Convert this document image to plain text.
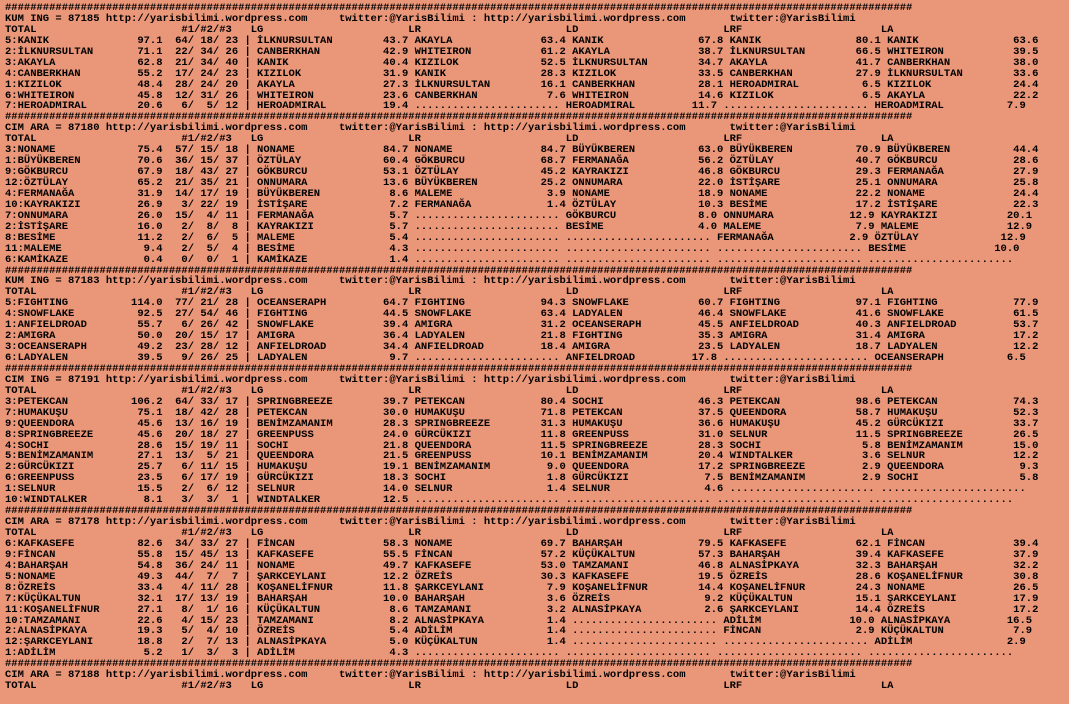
################################################################################################################################################
KUM ING = 87185 http://yarisbilimi.wordpress.com     twitter:@YarisBilimi : http://yarisbilimi.wordpress.com       twitter:@YarisBilimi
TOTAL                       #1/#2/#3   LG                       LR                       LD                       LRF                      LA
5:KANIK              97.1  64/ 18/ 23 | İLKNURSULTAN        43.7 AKAYLA              63.4 KANIK               67.8 KANIK               80.1 KANIK               63.6
2:İLKNURSULTAN       71.1  22/ 34/ 26 | CANBERKHAN          42.9 WHITEIRON           61.2 AKAYLA              38.7 İLKNURSULTAN        66.5 WHITEIRON           39.5
3:AKAYLA             62.8  21/ 34/ 40 | KANIK               40.4 KIZILOK             52.5 İLKNURSULTAN        34.7 AKAYLA              41.7 CANBERKHAN          38.0
4:CANBERKHAN         55.2  17/ 24/ 23 | KIZILOK             31.9 KANIK               28.3 KIZILOK             33.5 CANBERKHAN          27.9 İLKNURSULTAN        33.6
1:KIZILOK            48.4  28/ 24/ 20 | AKAYLA              27.3 İLKNURSULTAN        16.1 CANBERKHAN          28.1 HEROADMIRAL          6.5 KIZILOK             24.4
6:WHITEIRON          45.8  12/ 31/ 26 | WHITEIRON           23.6 CANBERKHAN           7.6 WHITEIRON           14.6 KIZILOK              6.5 AKAYLA              22.2
7:HEROADMIRAL        20.6   6/  5/ 12 | HEROADMIRAL         19.4 ....................... HEROADMIRAL         11.7 ....................... HEROADMIRAL          7.9
################################################################################################################################################
CIM ARA = 87180 http://yarisbilimi.wordpress.com     twitter:@YarisBilimi : http://yarisbilimi.wordpress.com       twitter:@YarisBilimi
TOTAL                       #1/#2/#3   LG                       LR                       LD                       LRF                      LA
3:NONAME             75.4  57/ 15/ 18 | NONAME              84.7 NONAME              84.7 BÜYÜKBEREN          63.0 BÜYÜKBEREN          70.9 BÜYÜKBEREN          44.4
1:BÜYÜKBEREN         70.6  36/ 15/ 37 | ÖZTÜLAY             60.4 GÖKBURCU            68.7 FERMANAĞA           56.2 ÖZTÜLAY             40.7 GÖKBURCU            28.6
9:GÖKBURCU           67.9  18/ 43/ 27 | GÖKBURCU            53.1 ÖZTÜLAY             45.2 KAYRAKIZI           46.8 GÖKBURCU            29.3 FERMANAĞA           27.9
12:ÖZTÜLAY           65.2  21/ 35/ 21 | ONNUMARA            13.6 BÜYÜKBEREN          25.2 ONNUMARA            22.0 İSTİŞARE            25.1 ONNUMARA            25.8
4:FERMANAĞA          31.9  14/ 17/ 19 | BÜYÜKBEREN           8.6 MALEME               3.9 NONAME              18.9 NONAME              22.2 NONAME              24.4
10:KAYRAKIZI         26.9   3/ 22/ 19 | İSTİŞARE             7.2 FERMANAĞA            1.4 ÖZTÜLAY             10.3 BESİME              17.2 İSTİŞARE            22.3
7:ONNUMARA           26.0  15/  4/ 11 | FERMANAĞA            5.7 ....................... GÖKBURCU             8.0 ONNUMARA            12.9 KAYRAKIZI           20.1
2:İSTİŞARE           16.0   2/  8/  8 | KAYRAKIZI            5.7 ....................... BESİME               4.0 MALEME               7.9 MALEME              12.9
8:BESİME             11.2   2/  6/  5 | MALEME               5.4 ....................... ....................... FERMANAĞA            2.9 ÖZTÜLAY             12.9
11:MALEME             9.4   2/  5/  4 | BESİME               4.3 ....................... ....................... ....................... BESİME              10.0
6:KAMİKAZE            0.4   0/  0/  1 | KAMİKAZE             1.4 ....................... ....................... ....................... .......................
################################################################################################################################################
KUM ING = 87183 http://yarisbilimi.wordpress.com     twitter:@YarisBilimi : http://yarisbilimi.wordpress.com       twitter:@YarisBilimi
TOTAL                       #1/#2/#3   LG                       LR                       LD                       LRF                      LA
5:FIGHTING          114.0  77/ 21/ 28 | OCEANSERAPH         64.7 FIGHTING            94.3 SNOWFLAKE           60.7 FIGHTING            97.1 FIGHTING            77.9
4:SNOWFLAKE          92.5  27/ 54/ 46 | FIGHTING            44.5 SNOWFLAKE           63.4 LADYALEN            46.4 SNOWFLAKE           41.6 SNOWFLAKE           61.5
1:ANFIELDROAD        55.7   6/ 26/ 42 | SNOWFLAKE           39.4 AMIGRA              31.2 OCEANSERAPH         45.5 ANFIELDROAD         40.3 ANFIELDROAD         53.7
2:AMIGRA             50.0  20/ 15/ 17 | AMIGRA              36.4 LADYALEN            21.8 FIGHTING            35.3 AMIGRA              31.4 AMIGRA              17.2
3:OCEANSERAPH        49.2  23/ 28/ 12 | ANFIELDROAD         34.4 ANFIELDROAD         18.4 AMIGRA              23.5 LADYALEN            18.7 LADYALEN            12.2
6:LADYALEN           39.5   9/ 26/ 25 | LADYALEN             9.7 ....................... ANFIELDROAD         17.8 ....................... OCEANSERAPH          6.5
################################################################################################################################################
CIM ING = 87191 http://yarisbilimi.wordpress.com     twitter:@YarisBilimi : http://yarisbilimi.wordpress.com       twitter:@YarisBilimi
TOTAL                       #1/#2/#3   LG                       LR                       LD                       LRF                      LA
3:PETEKCAN          106.2  64/ 33/ 17 | SPRINGBREEZE        39.7 PETEKCAN            80.4 SOCHI               46.3 PETEKCAN            98.6 PETEKCAN            74.3
7:HUMAKUŞU           75.1  18/ 42/ 28 | PETEKCAN            30.0 HUMAKUŞU            71.8 PETEKCAN            37.5 QUEENDORA           58.7 HUMAKUŞU            52.3
9:QUEENDORA          45.6  13/ 16/ 19 | BENİMZAMANIM        28.3 SPRINGBREEZE        31.3 HUMAKUŞU            36.6 HUMAKUŞU            45.2 GÜRCÜKIZI           33.7
8:SPRINGBREEZE       45.6  20/ 18/ 27 | GREENPUSS           24.0 GÜRCÜKIZI           11.8 GREENPUSS           31.0 SELNUR              11.5 SPRINGBREEZE        26.5
4:SOCHI              28.6  15/ 19/ 11 | SOCHI               21.8 QUEENDORA           11.5 SPRINGBREEZE        28.3 SOCHI                5.8 BENİMZAMANIM        15.0
5:BENİMZAMANIM       27.1  13/  5/ 21 | QUEENDORA           21.5 GREENPUSS           10.1 BENİMZAMANIM        20.4 WINDTALKER           3.6 SELNUR              12.2
2:GÜRCÜKIZI          25.7   6/ 11/ 15 | HUMAKUŞU            19.1 BENİMZAMANIM         9.0 QUEENDORA           17.2 SPRINGBREEZE         2.9 QUEENDORA            9.3
6:GREENPUSS          23.5   6/ 17/ 19 | GÜRCÜKIZI           18.3 SOCHI                1.8 GÜRCÜKIZI            7.5 BENİMZAMANIM         2.9 SOCHI                5.8
1:SELNUR             15.5   2/  6/ 12 | SELNUR              14.0 SELNUR               1.4 SELNUR               4.6 ....................... .......................
10:WINDTALKER         8.1   3/  3/  1 | WINDTALKER          12.5 ....................... ....................... ....................... .......................
################################################################################################################################################
CIM ARA = 87178 http://yarisbilimi.wordpress.com     twitter:@YarisBilimi : http://yarisbilimi.wordpress.com       twitter:@YarisBilimi
TOTAL                       #1/#2/#3   LG                       LR                       LD                       LRF                      LA
6:KAFKASEFE          82.6  34/ 33/ 27 | FİNCAN              58.3 NONAME              69.7 BAHARŞAH            79.5 KAFKASEFE           62.1 FİNCAN              39.4
9:FİNCAN             55.8  15/ 45/ 13 | KAFKASEFE           55.5 FİNCAN              57.2 KÜÇÜKALTUN          57.3 BAHARŞAH            39.4 KAFKASEFE           37.9
4:BAHARŞAH           54.8  36/ 24/ 11 | NONAME              49.7 KAFKASEFE           53.0 TAMZAMANI           46.8 ALNASİPKAYA         32.3 BAHARŞAH            32.2
5:NONAME             49.3  44/  7/  7 | ŞARKCEYLANI         12.2 ÖZREİS              30.3 KAFKASEFE           19.5 ÖZREİS              28.6 KOŞANELİFNUR        30.8
8:ÖZREİS             33.4   4/ 11/ 28 | KOŞANELİFNUR        11.8 ŞARKCEYLANI          7.9 KOŞANELİFNUR        14.4 KOŞANELİFNUR        24.3 NONAME              26.5
7:KÜÇÜKALTUN         32.1  17/ 13/ 19 | BAHARŞAH            10.0 BAHARŞAH             3.6 ÖZREİS               9.2 KÜÇÜKALTUN          15.1 ŞARKCEYLANI         17.9
11:KOŞANELİFNUR      27.1   8/  1/ 16 | KÜÇÜKALTUN           8.6 TAMZAMANI            3.2 ALNASİPKAYA          2.6 ŞARKCEYLANI         14.4 ÖZREİS              17.2
10:TAMZAMANI         22.6   4/ 15/ 23 | TAMZAMANI            8.2 ALNASİPKAYA          1.4 ....................... ADİLİM              10.0 ALNASİPKAYA         16.5
2:ALNASİPKAYA        19.3   5/  4/ 10 | ÖZREİS               5.4 ADİLİM               1.4 ....................... FİNCAN               2.9 KÜÇÜKALTUN           7.9
12:ŞARKCEYLANI       18.8   2/  7/ 13 | ALNASİPKAYA          5.0 KÜÇÜKALTUN           1.4 ....................... ....................... ADİLİM               2.9
1:ADİLİM              5.2   1/  3/  3 | ADİLİM               4.3 ....................... ....................... ....................... .......................
################################################################################################################################################
CIM ARA = 87188 http://yarisbilimi.wordpress.com     twitter:@YarisBilimi : http://yarisbilimi.wordpress.com       twitter:@YarisBilimi
TOTAL                       #1/#2/#3   LG                       LR                       LD                       LRF                      LA
